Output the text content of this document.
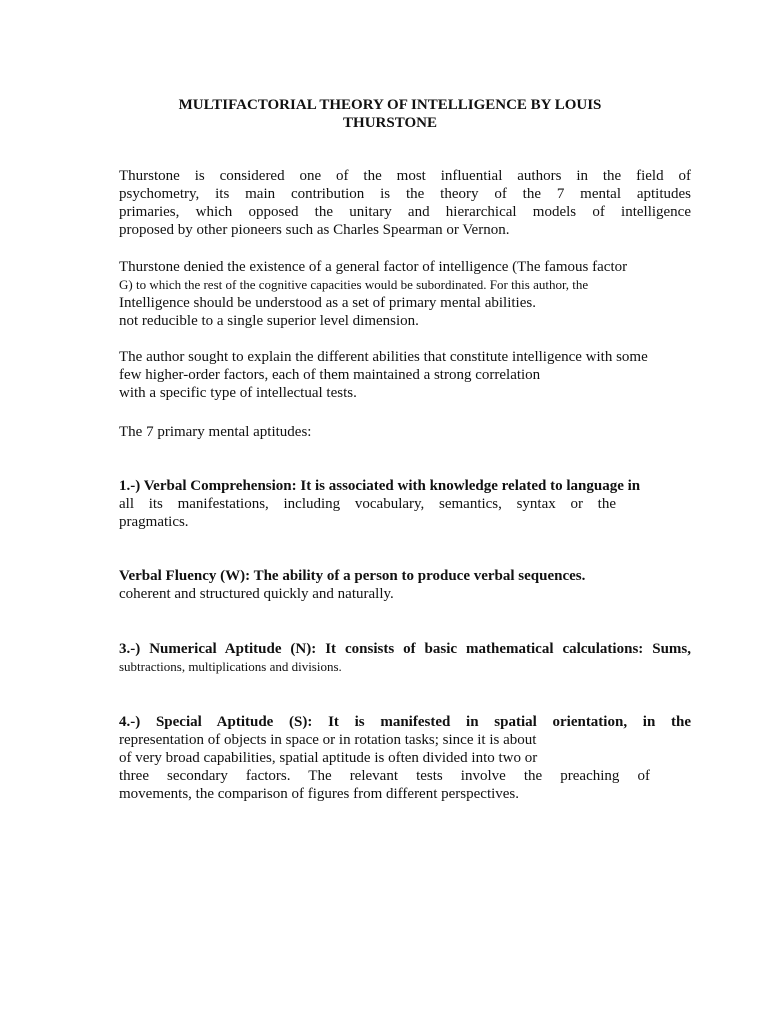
MULTIFACTORIAL THEORY OF INTELLIGENCE BY LOUIS
THURSTONE

Thurstone is considered one of the most influential authors in the field of
psychometry, its main contribution is the theory of the 7 mental aptitudes
primaries, which opposed the unitary and hierarchical models of intelligence
proposed by other pioneers such as Charles Spearman or Vernon.

Thurstone denied the existence of a general factor of intelligence (The famous factor
G) to which the rest of the cognitive capacities would be subordinated. For this author, the
Intelligence should be understood as a set of primary mental abilities.
not reducible to a single superior level dimension.

The author sought to explain the different abilities that constitute intelligence with some
few higher-order factors, each of them maintained a strong correlation
with a specific type of intellectual tests.

The 7 primary mental aptitudes:

1.-) Verbal Comprehension: It is associated with knowledge related to language in
all its manifestations, including vocabulary, semantics, syntax or the
pragmatics.

Verbal Fluency (W): The ability of a person to produce verbal sequences.
coherent and structured quickly and naturally.

3.-) Numerical Aptitude (N): It consists of basic mathematical calculations: Sums,
subtractions, multiplications and divisions.

4.-) Special Aptitude (S): It is manifested in spatial orientation, in the
representation of objects in space or in rotation tasks; since it is about
of very broad capabilities, spatial aptitude is often divided into two or
three secondary factors. The relevant tests involve the preaching of
movements, the comparison of figures from different perspectives.
